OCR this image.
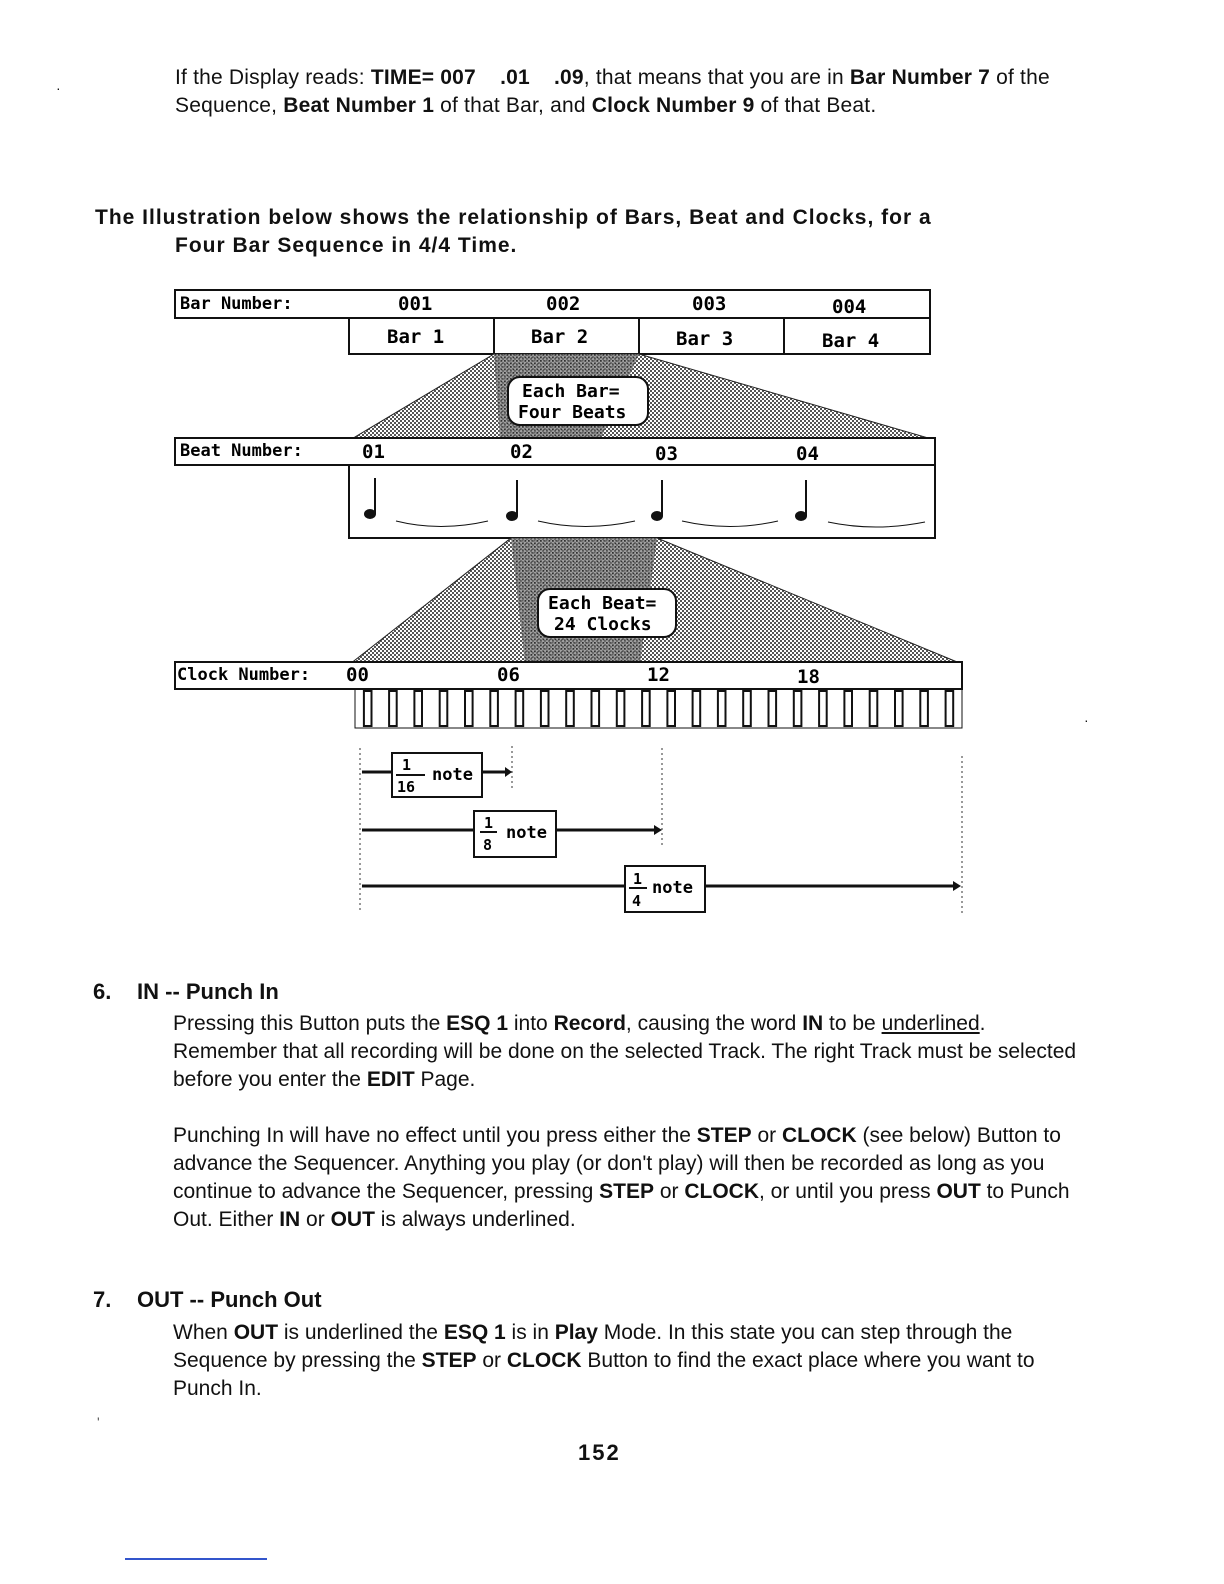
·
·
If the Display reads: TIME= 007    .01    .09, that means that you are in Bar Number 7 of the Sequence, Beat Number 1 of that Bar, and Clock Number 9 of that Beat.
The Illustration below shows the relationship of Bars, Beat and Clocks, for a
Four Bar Sequence in 4/4 Time.
Bar Number:	001	002	003	004
Bar 1	Bar 2	Bar 3	Bar 4
Each Bar=
Four Beats
Beat Number:	01	02	03	04
Each Beat=
24 Clocks
Clock Number: 00	06	12	18
1
16
note
1
8
note
1
4
note
6. IN -- Punch In
Pressing this Button puts the ESQ 1 into Record, causing the word IN to be underlined. Remember that all recording will be done on the selected Track. The right Track must be selected before you enter the EDIT Page.
Punching In will have no effect until you press either the STEP or CLOCK (see below) Button to advance the Sequencer. Anything you play (or don't play) will then be recorded as long as you continue to advance the Sequencer, pressing STEP or CLOCK, or until you press OUT to Punch Out. Either IN or OUT is always underlined.
7. OUT -- Punch Out
When OUT is underlined the ESQ 1 is in Play Mode. In this state you can step through the Sequence by pressing the STEP or CLOCK Button to find the exact place where you want to Punch In.
'
152
